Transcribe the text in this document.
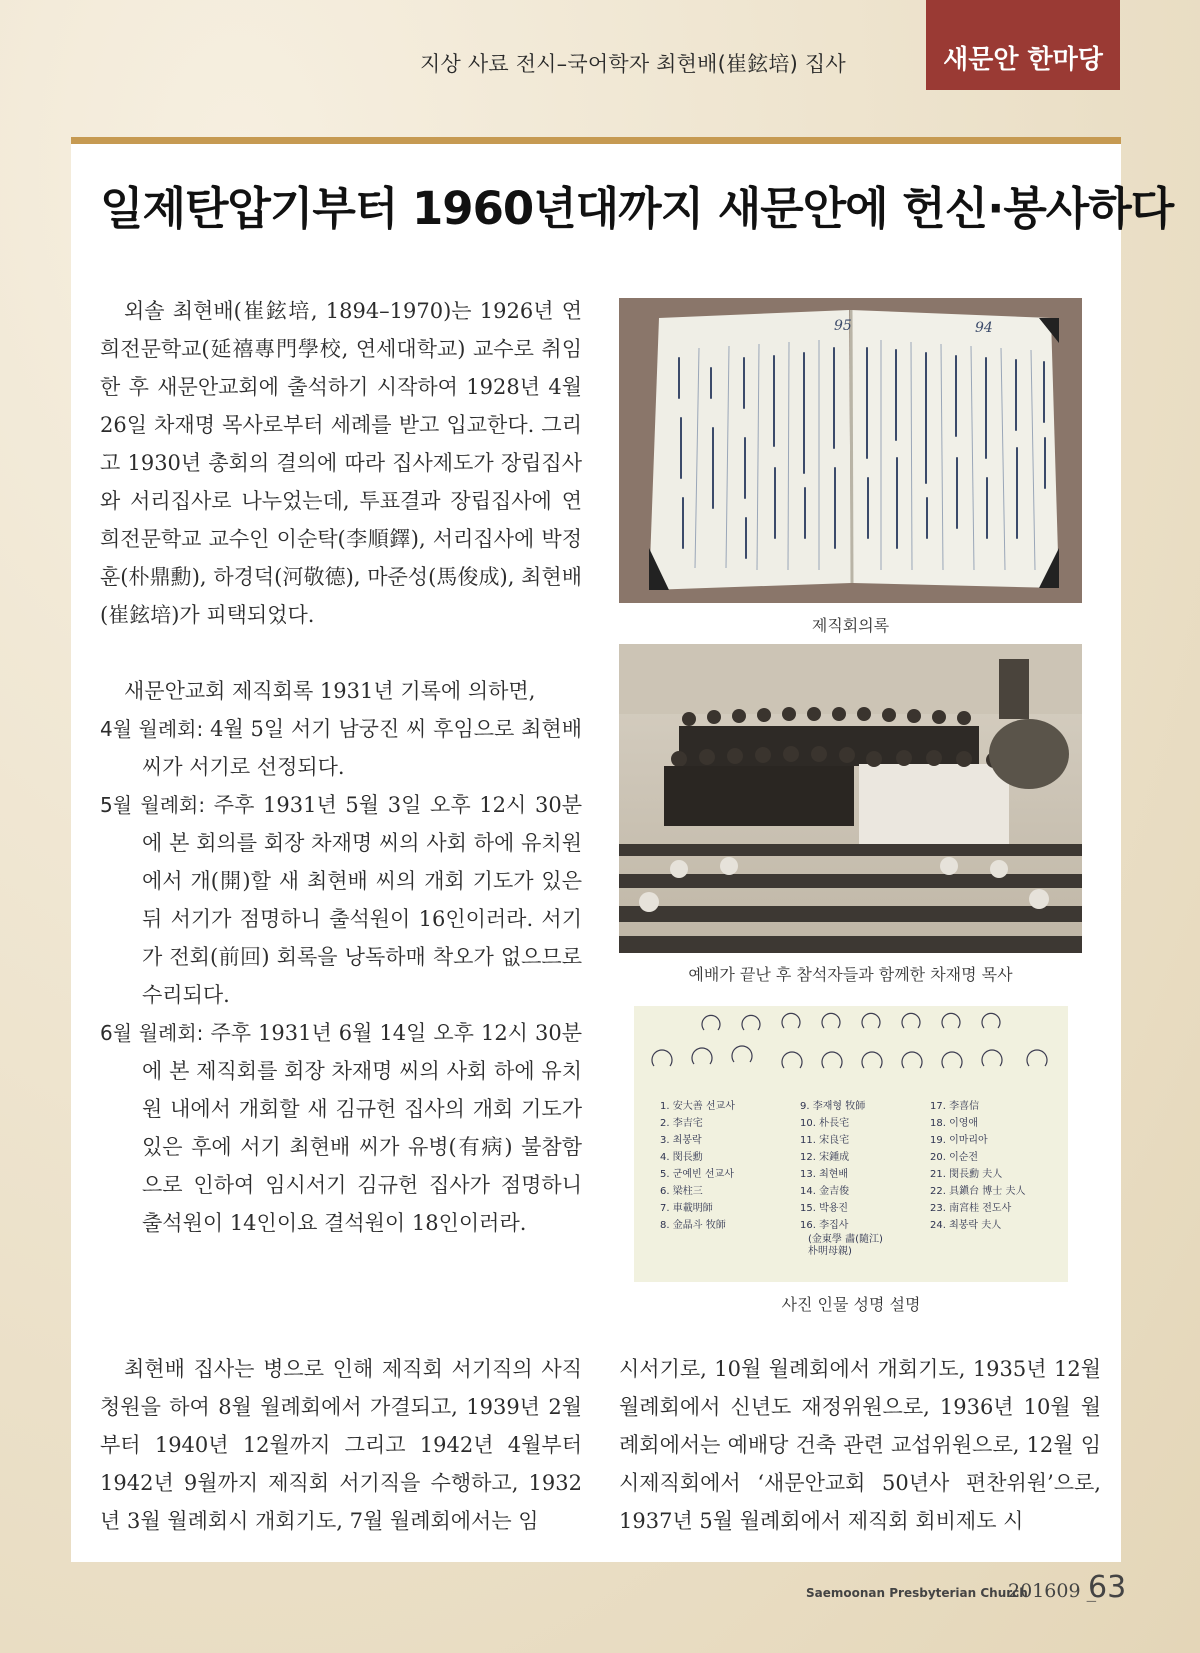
지상 사료 전시–국어학자 최현배(崔鉉培) 집사	새문안 한마당
일제탄압기부터 1960년대까지 새문안에 헌신·봉사하다

외솔 최현배(崔鉉培, 1894–1970)는 1926년 연희전문학교(延禧專門學校, 연세대학교) 교수로 취임한 후 새문안교회에 출석하기 시작하여 1928년 4월 26일 차재명 목사로부터 세례를 받고 입교한다. 그리고 1930년 총회의 결의에 따라 집사제도가 장립집사와 서리집사로 나누었는데, 투표결과 장립집사에 연희전문학교 교수인 이순탁(李順鐸), 서리집사에 박정훈(朴鼎勳), 하경덕(河敬德), 마준성(馬俊成), 최현배(崔鉉培)가 피택되었다.

새문안교회 제직회록 1931년 기록에 의하면,

4월 월례회: 4월 5일 서기 남궁진 씨 후임으로 최현배 씨가 서기로 선정되다.

5월 월례회: 주후 1931년 5월 3일 오후 12시 30분에 본 회의를 회장 차재명 씨의 사회 하에 유치원에서 개(開)할 새 최현배 씨의 개회 기도가 있은 뒤 서기가 점명하니 출석원이 16인이러라. 서기가 전회(前回) 회록을 낭독하매 착오가 없으므로 수리되다.

6월 월례회: 주후 1931년 6월 14일 오후 12시 30분에 본 제직회를 회장 차재명 씨의 사회 하에 유치원 내에서 개회할 새 김규헌 집사의 개회 기도가 있은 후에 서기 최현배 씨가 유병(有病) 불참함으로 인하여 임시서기 김규헌 집사가 점명하니 출석원이 14인이요 결석원이 18인이러라.

95	94
제직회의록
예배가 끝난 후 참석자들과 함께한 차재명 목사
1. 安大善 선교사
2. 李吉宅
3. 최봉락
4. 閔長勳
5. 군예빈 선교사
6. 梁柱三
7. 車載明師
8. 金晶斗 牧師
9. 李재형 牧師
10. 朴長宅
11. 宋良宅
12. 宋鍾成
13. 최현배
14. 金吉俊
15. 박용진
16. 李집사
(金東學 畵(隨江)
朴明母親)
17. 李喜信
18. 이영애
19. 이마리아
20. 이순전
21. 閔長勳 夫人
22. 具鎭台 博士 夫人
23. 南宮桂 전도사
24. 최봉락 夫人
사진 인물 성명 설명

최현배 집사는 병으로 인해 제직회 서기직의 사직청원을 하여 8월 월례회에서 가결되고, 1939년 2월부터 1940년 12월까지 그리고 1942년 4월부터 1942년 9월까지 제직회 서기직을 수행하고, 1932년 3월 월례회시 개회기도, 7월 월례회에서는 임

시서기로, 10월 월례회에서 개회기도, 1935년 12월 월례회에서 신년도 재정위원으로, 1936년 10월 월례회에서는 예배당 건축 관련 교섭위원으로, 12월 임시제직회에서 ‘새문안교회 50년사 편찬위원’으로, 1937년 5월 월례회에서 제직회 회비제도 시

Saemoonan Presbyterian Church
201609 _
63
